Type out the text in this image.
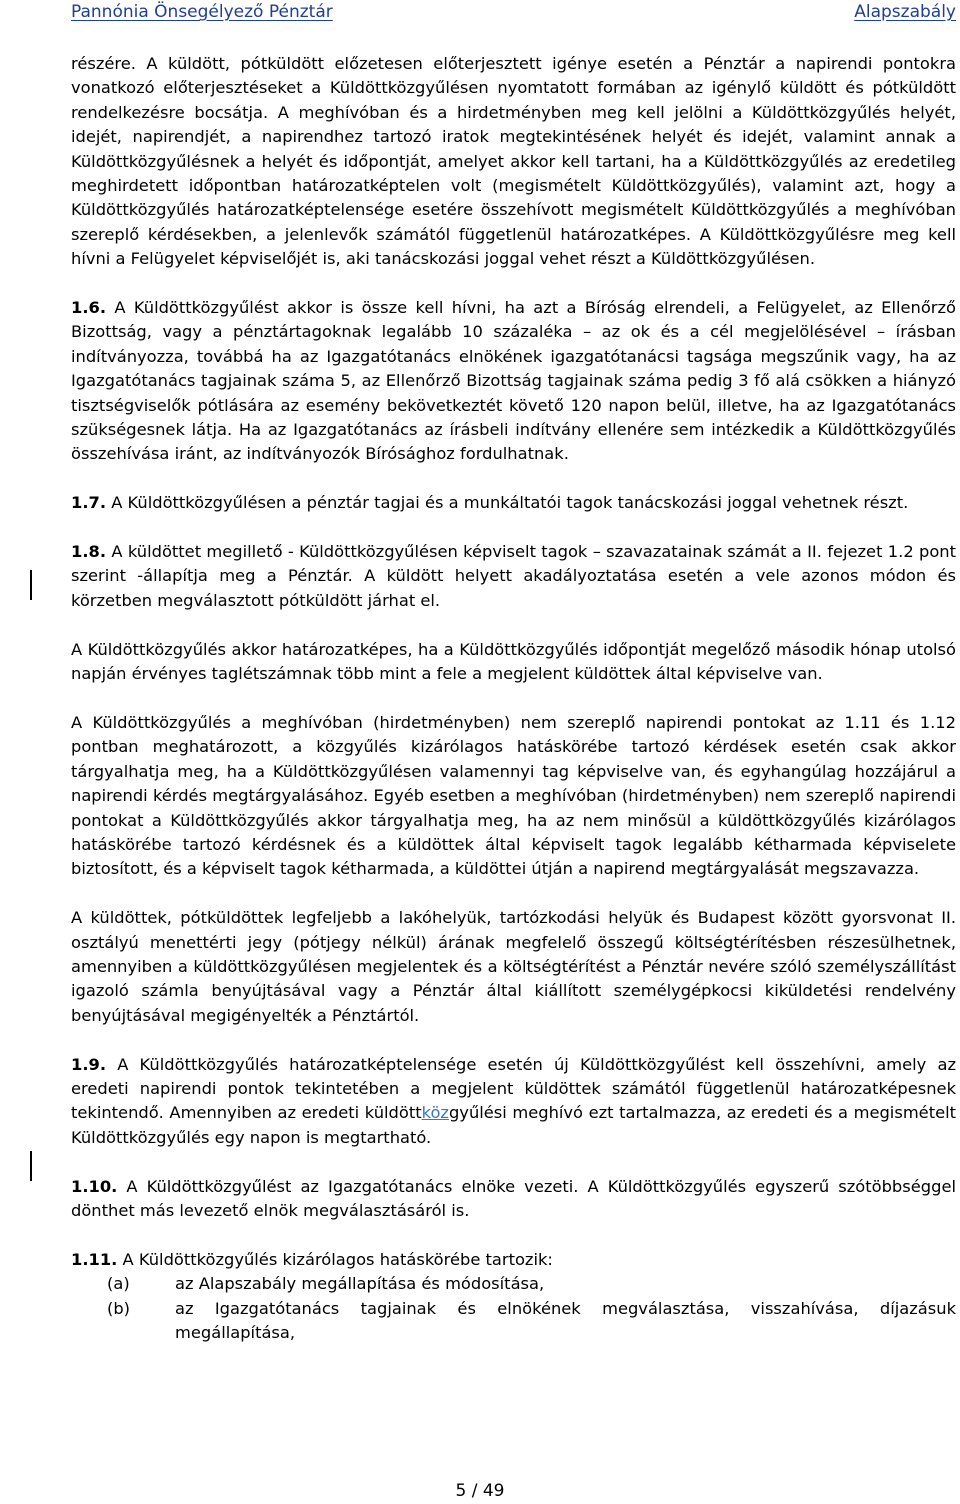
Pannónia Önsegélyező Pénztár	Alapszabály

részére. A küldött, pótküldött előzetesen előterjesztett igénye esetén a Pénztár a napirendi pontokra vonatkozó előterjesztéseket a Küldöttközgyűlésen nyomtatott formában az igénylő küldött és pótküldött rendelkezésre bocsátja. A meghívóban és a hirdetményben meg kell jelölni a Küldöttközgyűlés helyét, idejét, napirendjét, a napirendhez tartozó iratok megtekintésének helyét és idejét, valamint annak a Küldöttközgyűlésnek a helyét és időpontját, amelyet akkor kell tartani, ha a Küldöttközgyűlés az eredetileg meghirdetett időpontban határozatképtelen volt (megismételt Küldöttközgyűlés), valamint azt, hogy a Küldöttközgyűlés határozatképtelensége esetére összehívott megismételt Küldöttközgyűlés a meghívóban szereplő kérdésekben, a jelenlevők számától függetlenül határozatképes. A Küldöttközgyűlésre meg kell hívni a Felügyelet képviselőjét is, aki tanácskozási joggal vehet részt a Küldöttközgyűlésen.

1.6. A Küldöttközgyűlést akkor is össze kell hívni, ha azt a Bíróság elrendeli, a Felügyelet, az Ellenőrző Bizottság, vagy a pénztártagoknak legalább 10 százaléka – az ok és a cél megjelölésével – írásban indítványozza, továbbá ha az Igazgatótanács elnökének igazgatótanácsi tagsága megszűnik vagy, ha az Igazgatótanács tagjainak száma 5, az Ellenőrző Bizottság tagjainak száma pedig 3 fő alá csökken a hiányzó tisztségviselők pótlására az esemény bekövetkeztét követő 120 napon belül, illetve, ha az Igazgatótanács szükségesnek látja. Ha az Igazgatótanács az írásbeli indítvány ellenére sem intézkedik a Küldöttközgyűlés összehívása iránt, az indítványozók Bírósághoz fordulhatnak.

1.7. A Küldöttközgyűlésen a pénztár tagjai és a munkáltatói tagok tanácskozási joggal vehetnek részt.

1.8. A küldöttet megillető - Küldöttközgyűlésen képviselt tagok – szavazatainak számát a II. fejezet 1.2 pont szerint -állapítja meg a Pénztár. A küldött helyett akadályoztatása esetén a vele azonos módon és körzetben megválasztott pótküldött járhat el.

A Küldöttközgyűlés akkor határozatképes, ha a Küldöttközgyűlés időpontját megelőző második hónap utolsó napján érvényes taglétszámnak több mint a fele a megjelent küldöttek által képviselve van.

A Küldöttközgyűlés a meghívóban (hirdetményben) nem szereplő napirendi pontokat az 1.11 és 1.12 pontban meghatározott, a közgyűlés kizárólagos hatáskörébe tartozó kérdések esetén csak akkor tárgyalhatja meg, ha a Küldöttközgyűlésen valamennyi tag képviselve van, és egyhangúlag hozzájárul a napirendi kérdés megtárgyalásához. Egyéb esetben a meghívóban (hirdetményben) nem szereplő napirendi pontokat a Küldöttközgyűlés akkor tárgyalhatja meg, ha az nem minősül a küldöttközgyűlés kizárólagos hatáskörébe tartozó kérdésnek és a küldöttek által képviselt tagok legalább kétharmada képviselete biztosított, és a képviselt tagok kétharmada, a küldöttei útján a napirend megtárgyalását megszavazza.

A küldöttek, pótküldöttek legfeljebb a lakóhelyük, tartózkodási helyük és Budapest között gyorsvonat II. osztályú menettérti jegy (pótjegy nélkül) árának megfelelő összegű költségtérítésben részesülhetnek, amennyiben a küldöttközgyűlésen megjelentek és a költségtérítést a Pénztár nevére szóló személyszállítást igazoló számla benyújtásával vagy a Pénztár által kiállított személygépkocsi kiküldetési rendelvény benyújtásával megigényelték a Pénztártól.

1.9. A Küldöttközgyűlés határozatképtelensége esetén új Küldöttközgyűlést kell összehívni, amely az eredeti napirendi pontok tekintetében a megjelent küldöttek számától függetlenül határozatképesnek tekintendő. Amennyiben az eredeti küldöttközgyűlési meghívó ezt tartalmazza, az eredeti és a megismételt Küldöttközgyűlés egy napon is megtartható.

1.10. A Küldöttközgyűlést az Igazgatótanács elnöke vezeti. A Küldöttközgyűlés egyszerű szótöbbséggel dönthet más levezető elnök megválasztásáról is.

1.11. A Küldöttközgyűlés kizárólagos hatáskörébe tartozik:

(a)	az Alapszabály megállapítása és módosítása,
(b)	az Igazgatótanács tagjainak és elnökének megválasztása, visszahívása, díjazásuk megállapítása,
5 / 49
